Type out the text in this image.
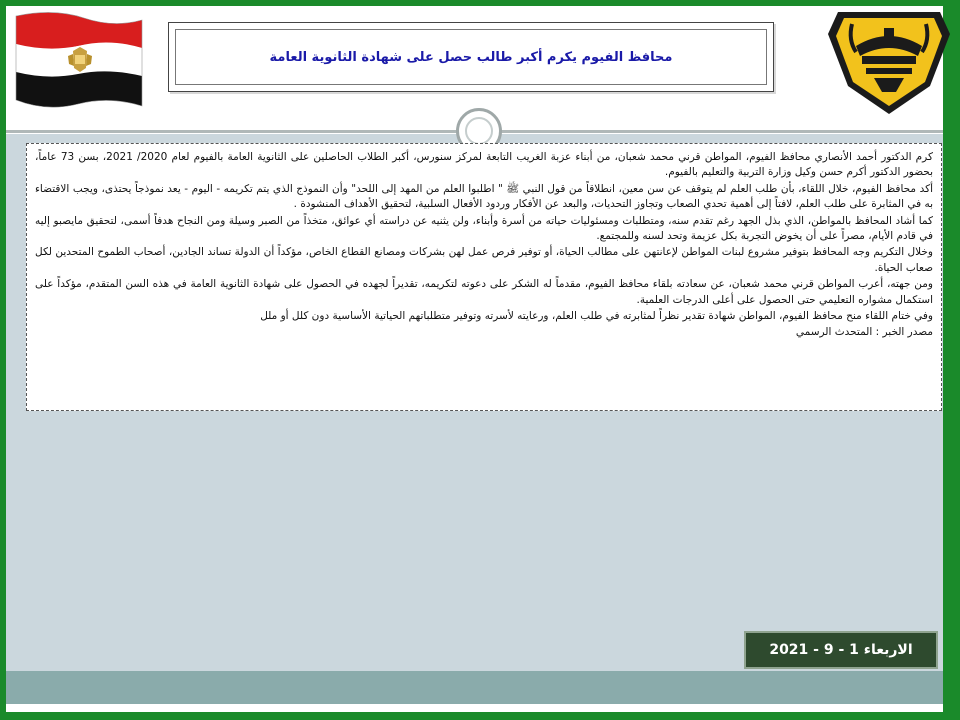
محافظ الفيوم يكرم أكبر طالب حصل على شهادة الثانوية العامة

كرم الدكتور أحمد الأنصاري محافظ الفيوم، المواطن قرني محمد شعبان، من أبناء عزبة الغريب التابعة لمركز سنورس، أكبر الطلاب الحاصلين على الثانوية العامة بالفيوم لعام 2020/ 2021، بسن 73 عاماً، بحضور الدكتور أكرم حسن وكيل وزارة التربية والتعليم بالفيوم.

أكد محافظ الفيوم، خلال اللقاء، بأن طلب العلم لم يتوقف عن سن معين، انطلاقاً من قول النبي ﷺ " اطلبوا العلم من المهد إلى اللحد" وأن النموذج الذي يتم تكريمه - اليوم - يعد نموذجاً يحتذى، ويجب الاقتضاء به في المثابرة على طلب العلم، لافتاً إلى أهمية تحدي الصعاب وتجاوز التحديات، والبعد عن الأفكار وردود الأفعال السلبية، لتحقيق الأهداف المنشودة .

كما أشاد المحافظ بالمواطن، الذي بذل الجهد رغم تقدم سنه، ومتطلبات ومسئوليات حياته من أسرة وأبناء، ولن يثنيه عن دراسته أي عوائق، متخذاً من الصبر وسيلة ومن النجاح هدفاً أسمى، لتحقيق مايصبو إليه في قادم الأيام، مصراً على أن يخوض التجربة بكل عزيمة وتحد لسنه وللمجتمع.

وخلال التكريم وجه المحافظ بتوفير مشروع لبنات المواطن لإعانتهن على مطالب الحياة، أو توفير فرص عمل لهن بشركات ومصانع القطاع الخاص، مؤكداً أن الدولة تساند الجادين، أصحاب الطموح المتحدين لكل صعاب الحياة.

ومن جهته، أعرب المواطن قرني محمد شعبان، عن سعادته بلقاء محافظ الفيوم، مقدماً له الشكر على دعوته لتكريمه، تقديراً لجهده في الحصول على شهادة الثانوية العامة في هذه السن المتقدم، مؤكداً على استكمال مشواره التعليمي حتى الحصول على أعلى الدرجات العلمية.

وفي ختام اللقاء منح محافظ الفيوم، المواطن شهادة تقدير نظراً لمثابرته في طلب العلم، ورعايته لأسرته وتوفير متطلباتهم الحياتية الأساسية دون كلل أو ملل

مصدر الخبر : المتحدث الرسمي

الاربعاء 1 - 9 - 2021
